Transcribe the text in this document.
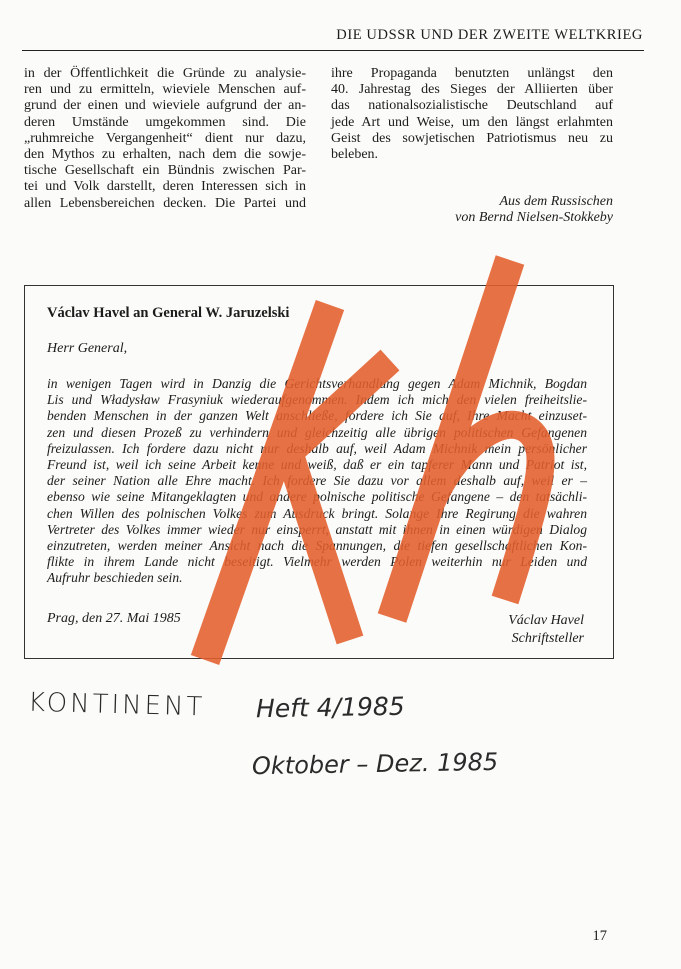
DIE UDSSR UND DER ZWEITE WELTKRIEG
in der Öffentlichkeit die Gründe zu analysie-
ren und zu ermitteln, wieviele Menschen auf-
grund der einen und wieviele aufgrund der an-
deren Umstände umgekommen sind. Die
„ruhmreiche Vergangenheit“ dient nur dazu,
den Mythos zu erhalten, nach dem die sowje-
tische Gesellschaft ein Bündnis zwischen Par-
tei und Volk darstellt, deren Interessen sich in
allen Lebensbereichen decken. Die Partei und
ihre Propaganda benutzten unlängst den
40. Jahrestag des Sieges der Alliierten über
das nationalsozialistische Deutschland auf
jede Art und Weise, um den längst erlahmten
Geist des sowjetischen Patriotismus neu zu
beleben.
Aus dem Russischen
von Bernd Nielsen-Stokkeby
Václav Havel an General W. Jaruzelski
Herr General,
in wenigen Tagen wird in Danzig die Gerichtsverhandlung gegen Adam Michnik, Bogdan
Lis und Władysław Frasyniuk wiederaufgenommen. Indem ich mich den vielen freiheitslie-
benden Menschen in der ganzen Welt anschließe, fordere ich Sie auf, Ihre Macht einzuset-
zen und diesen Prozeß zu verhindern und gleichzeitig alle übrigen politischen Gefangenen
freizulassen. Ich fordere dazu nicht nur deshalb auf, weil Adam Michnik mein persönlicher
Freund ist, weil ich seine Arbeit kenne und weiß, daß er ein tapferer Mann und Patriot ist,
der seiner Nation alle Ehre macht. Ich fordere Sie dazu vor allem deshalb auf, weil er –
ebenso wie seine Mitangeklagten und andere polnische politische Gefangene – den tatsächli-
chen Willen des polnischen Volkes zum Ausdruck bringt. Solange Ihre Regirung die wahren
Vertreter des Volkes immer wieder nur einsperrt, anstatt mit ihnen in einen würdigen Dialog
einzutreten, werden meiner Ansicht nach die Spannungen, die tiefen gesellschaftlichen Kon-
flikte in ihrem Lande nicht beseitigt. Vielmehr werden Polen weiterhin nur Leiden und
Aufruhr beschieden sein.
Prag, den 27. Mai 1985	Václav Havel
Schriftsteller
KONTINENT Heft 4/1985
Oktober – Dez. 1985
17
